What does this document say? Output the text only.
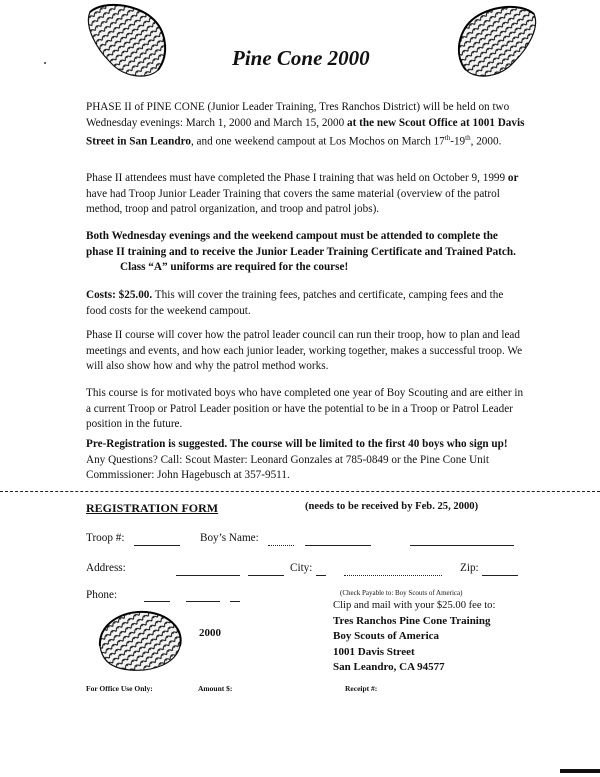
Pine Cone 2000

PHASE II of PINE CONE (Junior Leader Training, Tres Ranchos District) will be held on two Wednesday evenings: March 1, 2000 and March 15, 2000 at the new Scout Office at 1001 Davis Street in San Leandro, and one weekend campout at Los Mochos on March 17th-19th, 2000.

Phase II attendees must have completed the Phase I training that was held on October 9, 1999 or have had Troop Junior Leader Training that covers the same material (overview of the patrol method, troop and patrol organization, and troop and patrol jobs).

Both Wednesday evenings and the weekend campout must be attended to complete the phase II training and to receive the Junior Leader Training Certificate and Trained Patch.Class “A” uniforms are required for the course!

Costs: $25.00. This will cover the training fees, patches and certificate, camping fees and the food costs for the weekend campout.

Phase II course will cover how the patrol leader council can run their troop, how to plan and lead meetings and events, and how each junior leader, working together, makes a successful troop. We will also show how and why the patrol method works.

This course is for motivated boys who have completed one year of Boy Scouting and are either in a current Troop or Patrol Leader position or have the potential to be in a Troop or Patrol Leader position in the future.

Pre-Registration is suggested. The course will be limited to the first 40 boys who sign up! Any Questions? Call: Scout Master: Leonard Gonzales at 785-0849 or the Pine Cone Unit Commissioner: John Hagebusch at 357-9511.

REGISTRATION FORM	(needs to be received by Feb. 25, 2000)
Troop #:	Boy’s Name:
Address:	City:	Zip:
Phone:	(Check Payable to: Boy Scouts of America)
Clip and mail with your $25.00 fee to:
Tres Ranchos Pine Cone Training
Boy Scouts of America
1001 Davis Street
San Leandro, CA 94577
2000
For Office Use Only:	Amount $:	Receipt #:
